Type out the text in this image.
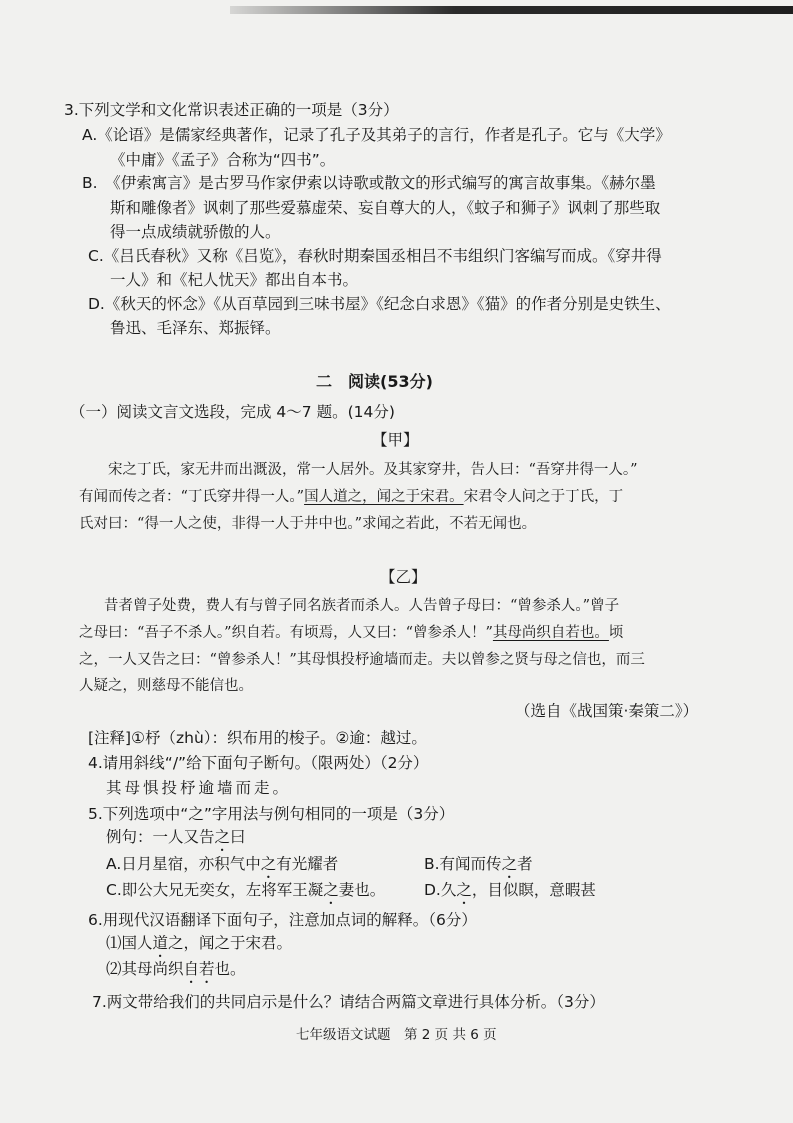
3.下列文学和文化常识表述正确的一项是（3分）
A.《论语》是儒家经典著作，记录了孔子及其弟子的言行，作者是孔子。它与《大学》
《中庸》《孟子》合称为“四书”。
B.　《伊索寓言》是古罗马作家伊索以诗歌或散文的形式编写的寓言故事集。《赫尔墨
斯和雕像者》讽刺了那些爱慕虚荣、妄自尊大的人，《蚊子和狮子》讽刺了那些取
得一点成绩就骄傲的人。
C.《吕氏春秋》又称《吕览》，春秋时期秦国丞相吕不韦组织门客编写而成。《穿井得
一人》和《杞人忧天》都出自本书。
D.《秋天的怀念》《从百草园到三味书屋》《纪念白求恩》《猫》的作者分别是史铁生、
鲁迅、毛泽东、郑振铎。
二　阅读(53分)
（一）阅读文言文选段，完成 4～7 题。(14分)
【甲】
宋之丁氏，家无井而出溉汲，常一人居外。及其家穿井，告人曰：“吾穿井得一人。”
有闻而传之者：“丁氏穿井得一人。”国人道之，闻之于宋君。宋君令人问之于丁氏，丁
氏对曰：“得一人之使，非得一人于井中也。”求闻之若此，不若无闻也。
【乙】
昔者曾子处费，费人有与曾子同名族者而杀人。人告曾子母曰：“曾参杀人。”曾子
之母曰：“吾子不杀人。”织自若。有顷焉，人又曰：“曾参杀人！”其母尚织自若也。顷
之，一人又告之曰：“曾参杀人！”其母惧投杼逾墙而走。夫以曾参之贤与母之信也，而三
人疑之，则慈母不能信也。
（选自《战国策·秦策二》）
[注释]①杼（zhù）：织布用的梭子。②逾：越过。
4.请用斜线“/”给下面句子断句。（限两处）（2分）
其母惧投杼逾墙而走。
5.下列选项中“之”字用法与例句相同的一项是（3分）
例句：一人又告之曰
A.日月星宿，亦积气中之有光耀者	B.有闻而传之者
C.即公大兄无奕女，左将军王凝之妻也。 D.久之，目似瞑，意暇甚
6.用现代汉语翻译下面句子，注意加点词的解释。（6分）
⑴国人道之，闻之于宋君。
⑵其母尚织自若也。
7.两文带给我们的共同启示是什么？请结合两篇文章进行具体分析。（3分）
七年级语文试题　第 2 页 共 6 页
